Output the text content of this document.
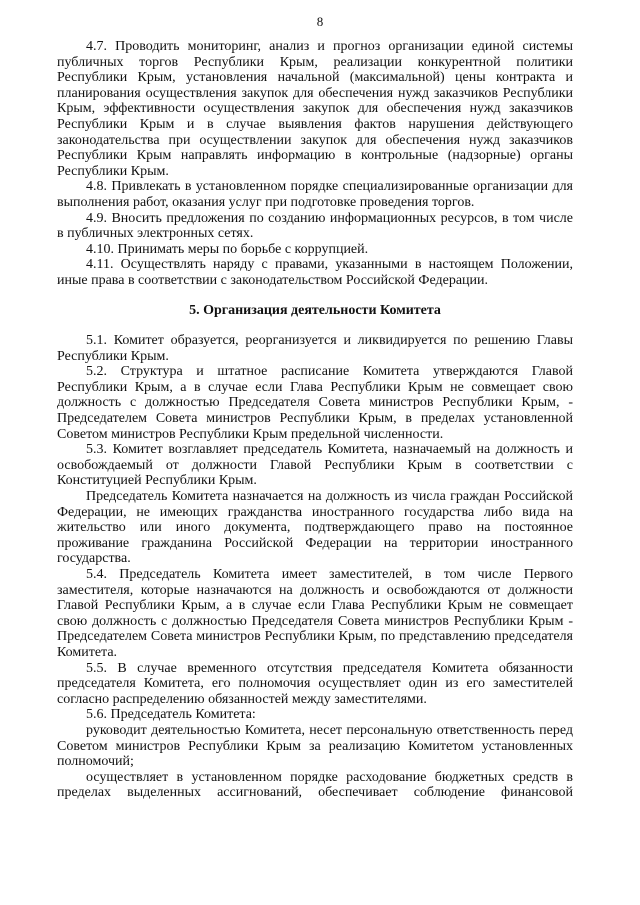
8

4.7. Проводить мониторинг, анализ и прогноз организации единой системы публичных торгов Республики Крым, реализации конкурентной политики Республики Крым, установления начальной (максимальной) цены контракта и планирования осуществления закупок для обеспечения нужд заказчиков Республики Крым, эффективности осуществления закупок для обеспечения нужд заказчиков Республики Крым и в случае выявления фактов нарушения действующего законодательства при осуществлении закупок для обеспечения нужд заказчиков Республики Крым направлять информацию в контрольные (надзорные) органы Республики Крым.

4.8. Привлекать в установленном порядке специализированные организации для выполнения работ, оказания услуг при подготовке проведения торгов.

4.9. Вносить предложения по созданию информационных ресурсов, в том числе в публичных электронных сетях.

4.10. Принимать меры по борьбе с коррупцией.

4.11. Осуществлять наряду с правами, указанными в настоящем Положении, иные права в соответствии с законодательством Российской Федерации.

5. Организация деятельности Комитета

5.1. Комитет образуется, реорганизуется и ликвидируется по решению Главы Республики Крым.

5.2. Структура и штатное расписание Комитета утверждаются Главой Республики Крым, а в случае если Глава Республики Крым не совмещает свою должность с должностью Председателя Совета министров Республики Крым, - Председателем Совета министров Республики Крым, в пределах установленной Советом министров Республики Крым предельной численности.

5.3. Комитет возглавляет председатель Комитета, назначаемый на должность и освобождаемый от должности Главой Республики Крым в соответствии с Конституцией Республики Крым.

Председатель Комитета назначается на должность из числа граждан Российской Федерации, не имеющих гражданства иностранного государства либо вида на жительство или иного документа, подтверждающего право на постоянное проживание гражданина Российской Федерации на территории иностранного государства.

5.4. Председатель Комитета имеет заместителей, в том числе Первого заместителя, которые назначаются на должность и освобождаются от должности Главой Республики Крым, а в случае если Глава Республики Крым не совмещает свою должность с должностью Председателя Совета министров Республики Крым - Председателем Совета министров Республики Крым, по представлению председателя Комитета.

5.5. В случае временного отсутствия председателя Комитета обязанности председателя Комитета, его полномочия осуществляет один из его заместителей согласно распределению обязанностей между заместителями.

5.6. Председатель Комитета:

руководит деятельностью Комитета, несет персональную ответственность перед Советом министров Республики Крым за реализацию Комитетом установленных полномочий;

осуществляет в установленном порядке расходование бюджетных средств в пределах выделенных ассигнований, обеспечивает соблюдение финансовой
